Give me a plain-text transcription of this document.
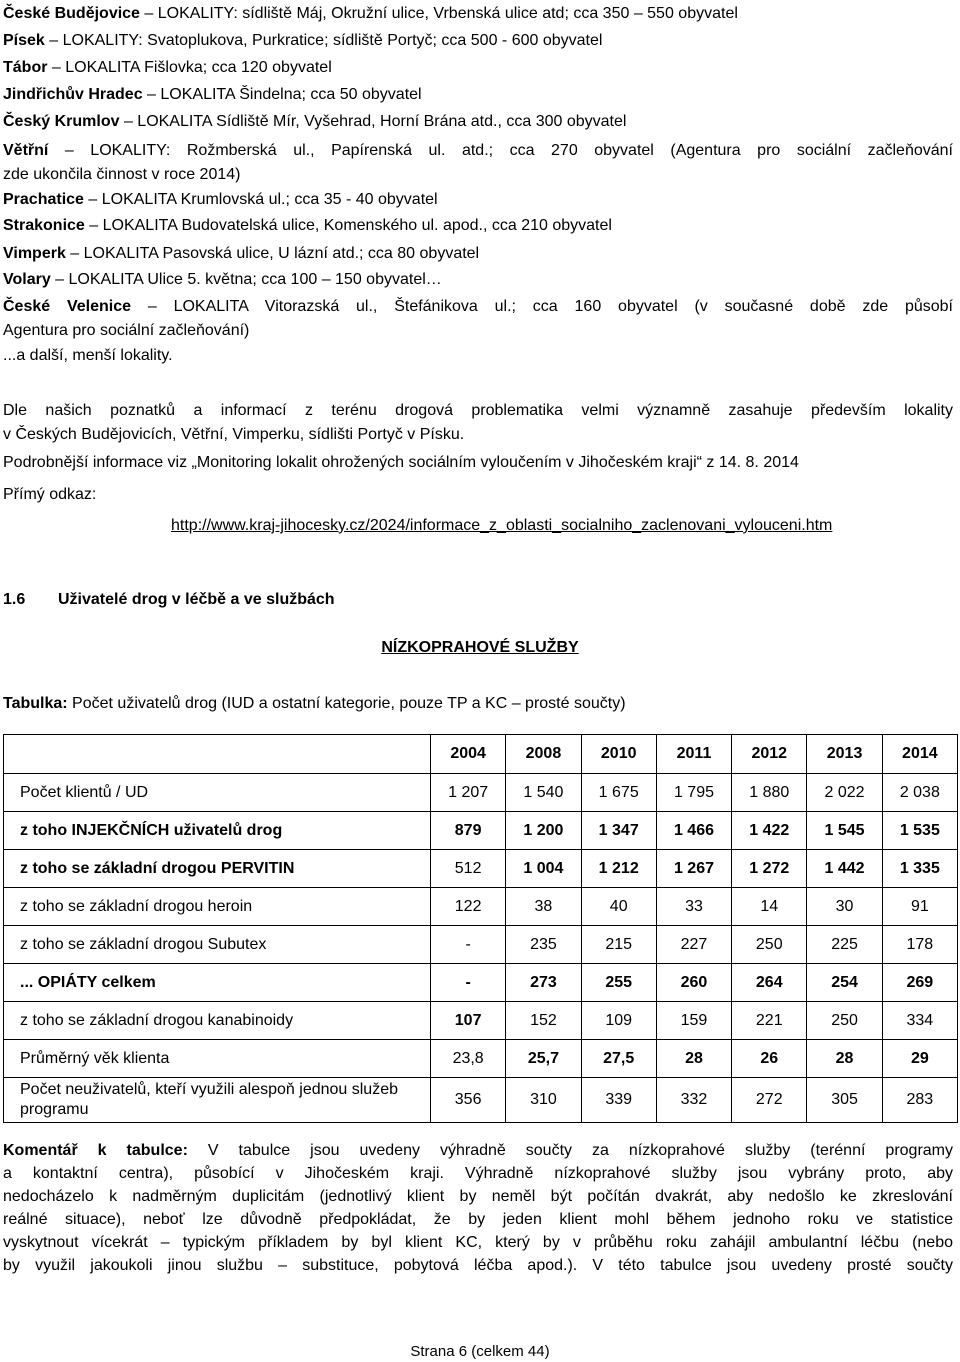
České Budějovice – LOKALITY: sídliště Máj, Okružní ulice, Vrbenská ulice atd; cca 350 – 550 obyvatel
Písek – LOKALITY: Svatoplukova, Purkratice; sídliště Portyč; cca 500 - 600 obyvatel
Tábor – LOKALITA Fišlovka; cca 120 obyvatel
Jindřichův Hradec – LOKALITA Šindelna; cca 50 obyvatel
Český Krumlov – LOKALITA Sídliště Mír, Vyšehrad, Horní Brána atd., cca 300 obyvatel
Větřní – LOKALITY: Rožmberská ul., Papírenská ul. atd.; cca 270 obyvatel (Agentura pro sociální začleňování
zde ukončila činnost v roce 2014)
Prachatice – LOKALITA Krumlovská ul.; cca 35 - 40 obyvatel
Strakonice – LOKALITA Budovatelská ulice, Komenského ul. apod., cca 210 obyvatel
Vimperk – LOKALITA Pasovská ulice, U lázní atd.; cca 80 obyvatel
Volary – LOKALITA Ulice 5. května; cca 100 – 150 obyvatel…
České Velenice – LOKALITA Vitorazská ul., Štefánikova ul.; cca 160 obyvatel (v současné době zde působí
Agentura pro sociální začleňování)
...a další, menší lokality.
Dle našich poznatků a informací z terénu drogová problematika velmi významně zasahuje především lokality
v Českých Budějovicích, Větřní, Vimperku, sídlišti Portyč v Písku.
Podrobnější informace viz „Monitoring lokalit ohrožených sociálním vyloučením v Jihočeském kraji“ z 14. 8. 2014
Přímý odkaz:
http://www.kraj-jihocesky.cz/2024/informace_z_oblasti_socialniho_zaclenovani_vylouceni.htm
1.6 Uživatelé drog v léčbě a ve službách
NÍZKOPRAHOVÉ SLUŽBY
Tabulka: Počet uživatelů drog (IUD a ostatní kategorie, pouze TP a KC – prosté součty)
	2004	2008	2010	2011	2012	2013	2014
Počet klientů / UD	1 207	1 540	1 675	1 795	1 880	2 022	2 038
z toho INJEKČNÍCH uživatelů drog	879	1 200	1 347	1 466	1 422	1 545	1 535
z toho se základní drogou PERVITIN	512	1 004	1 212	1 267	1 272	1 442	1 335
z toho se základní drogou heroin	122	38	40	33	14	30	91
z toho se základní drogou Subutex	-	235	215	227	250	225	178
... OPIÁTY celkem	-	273	255	260	264	254	269
z toho se základní drogou kanabinoidy	107	152	109	159	221	250	334
Průměrný věk klienta	23,8	25,7	27,5	28	26	28	29
Počet neuživatelů, kteří využili alespoň jednou služeb programu	356	310	339	332	272	305	283
Komentář k tabulce: V tabulce jsou uvedeny výhradně součty za nízkoprahové služby (terénní programy
a kontaktní centra), působící v Jihočeském kraji. Výhradně nízkoprahové služby jsou vybrány proto, aby
nedocházelo k nadměrným duplicitám (jednotlivý klient by neměl být počítán dvakrát, aby nedošlo ke zkreslování
reálné situace), neboť lze důvodně předpokládat, že by jeden klient mohl během jednoho roku ve statistice
vyskytnout vícekrát – typickým příkladem by byl klient KC, který by v průběhu roku zahájil ambulantní léčbu (nebo
by využil jakoukoli jinou službu – substituce, pobytová léčba apod.). V této tabulce jsou uvedeny prosté součty
Strana 6 (celkem 44)
